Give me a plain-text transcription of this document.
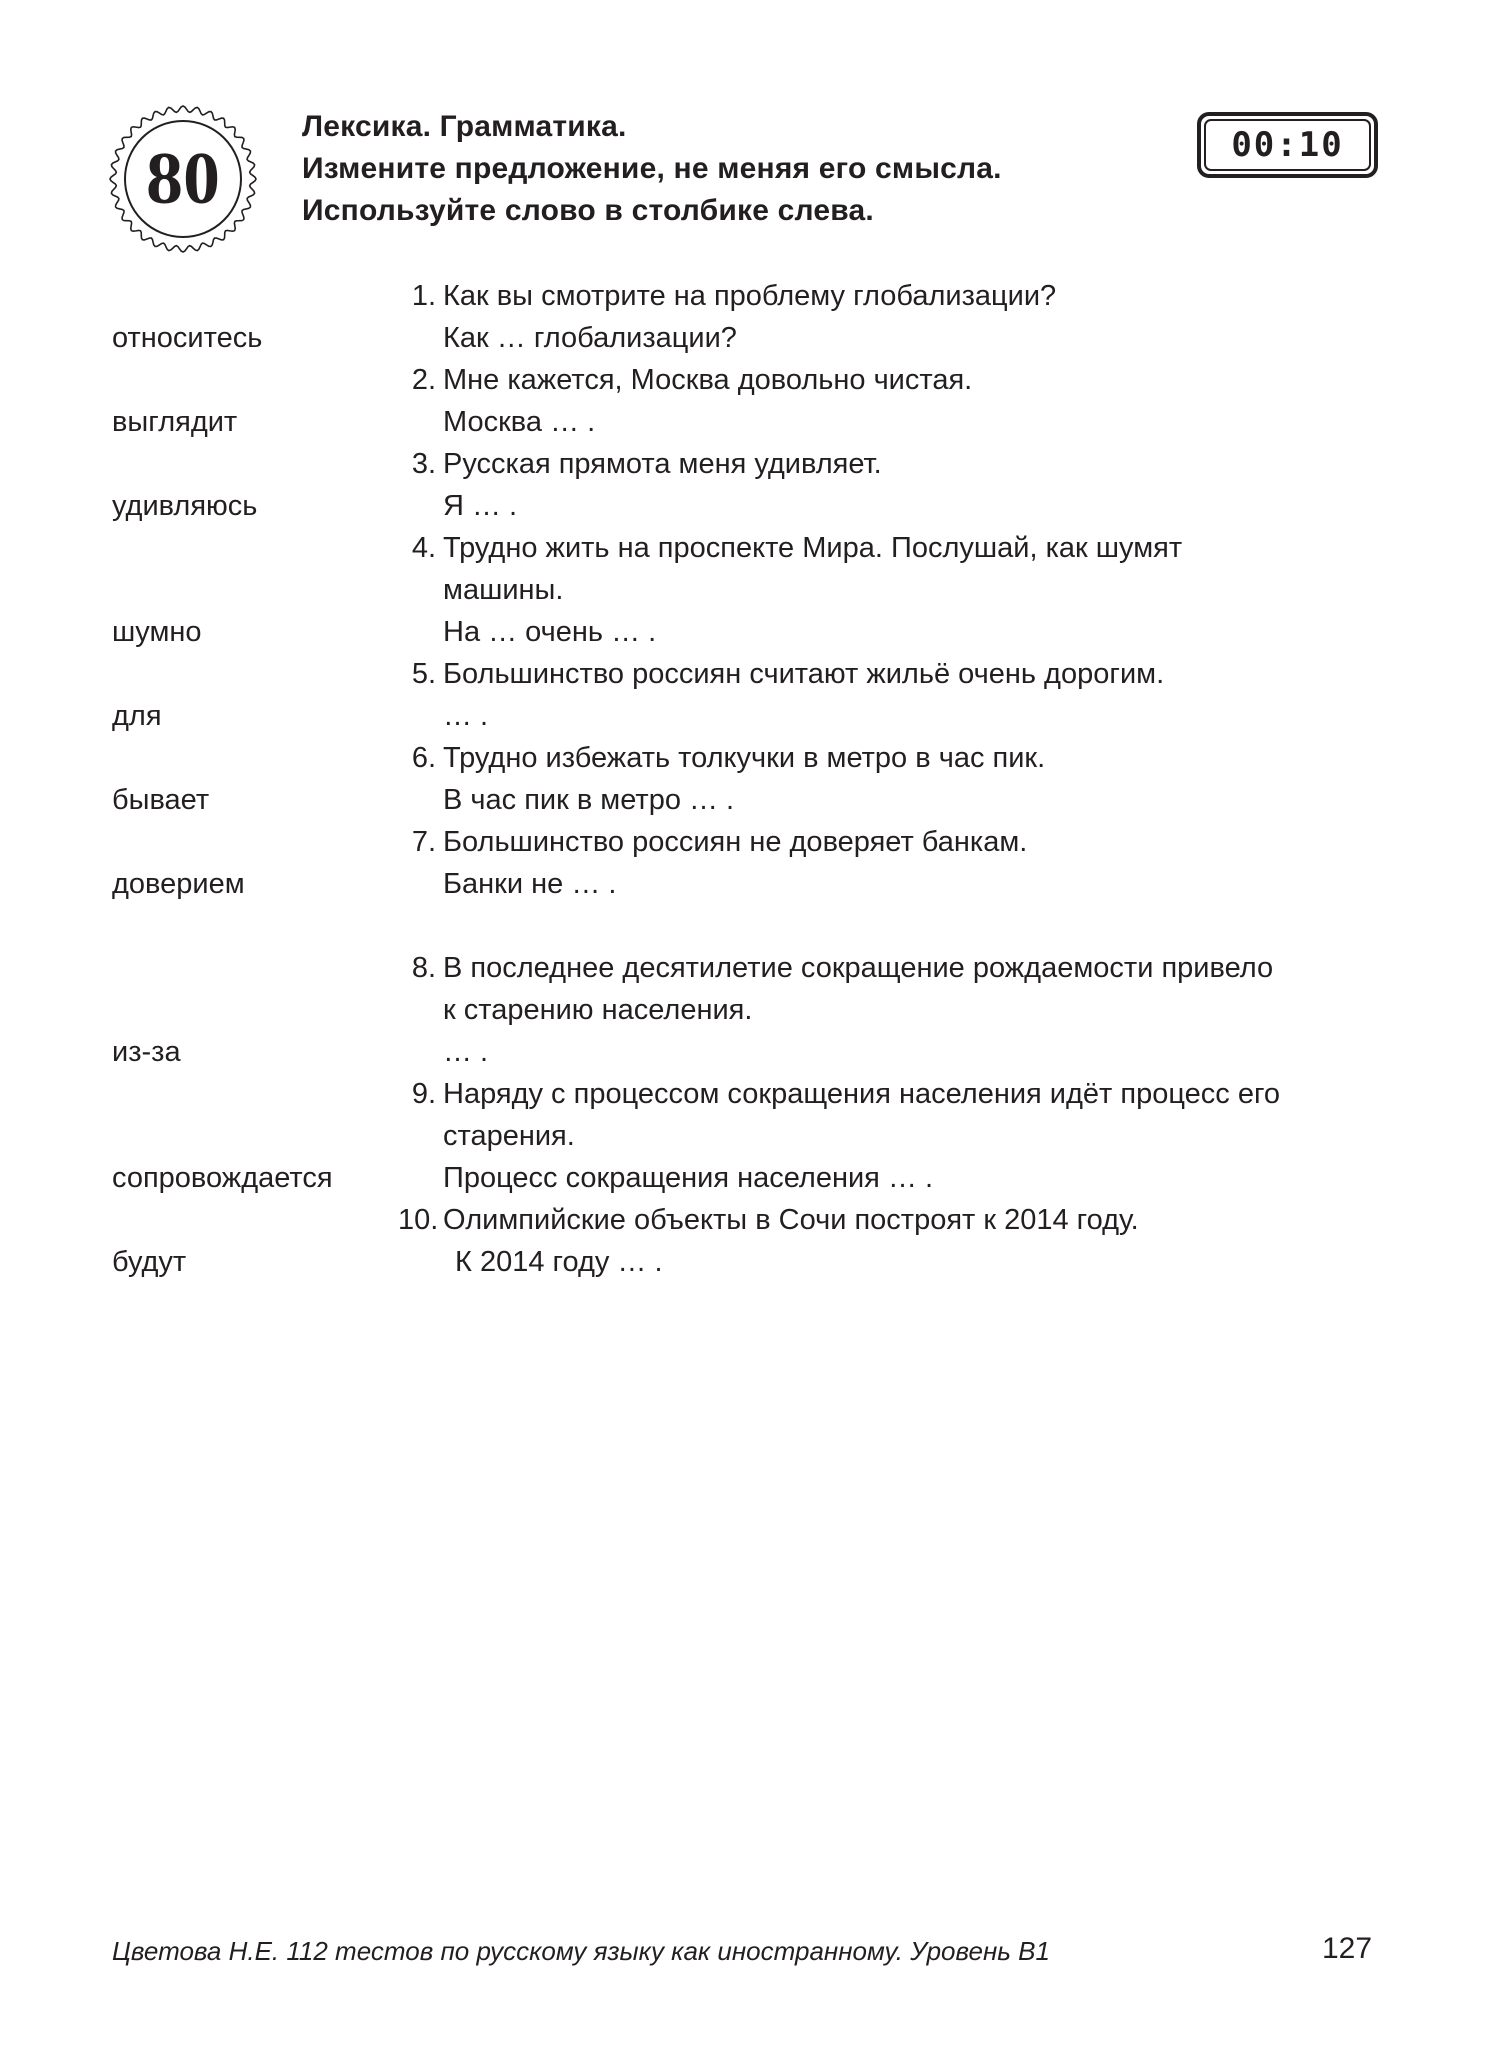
80
Лексика. Грамматика.
Измените предложение, не меняя его смысла.
Используйте слово в столбике слева.
00:10
1. Как вы смотрите на проблему глобализации?
относитесь	Как … глобализации?
2. Мне кажется, Москва довольно чистая.
выглядит	Москва … .
3. Русская прямота меня удивляет.
удивляюсь	Я … .
4. Трудно жить на проспекте Мира. Послушай, как шумят
машины.
шумно	На … очень … .
5. Большинство россиян считают жильё очень дорогим.
для	… .
6. Трудно избежать толкучки в метро в час пик.
бывает	В час пик в метро … .
7. Большинство россиян не доверяет банкам.
доверием	Банки не … .
8. В последнее десятилетие сокращение рождаемости привело
к старению населения.
из-за	… .
9. Наряду с процессом сокращения населения идёт процесс его
старения.
сопровождается	Процесс сокращения населения … .
10. Олимпийские объекты в Сочи построят к 2014 году.
будут	К 2014 году … .
Цветова Н.Е. 112 тестов по русскому языку как иностранному. Уровень В1	127
